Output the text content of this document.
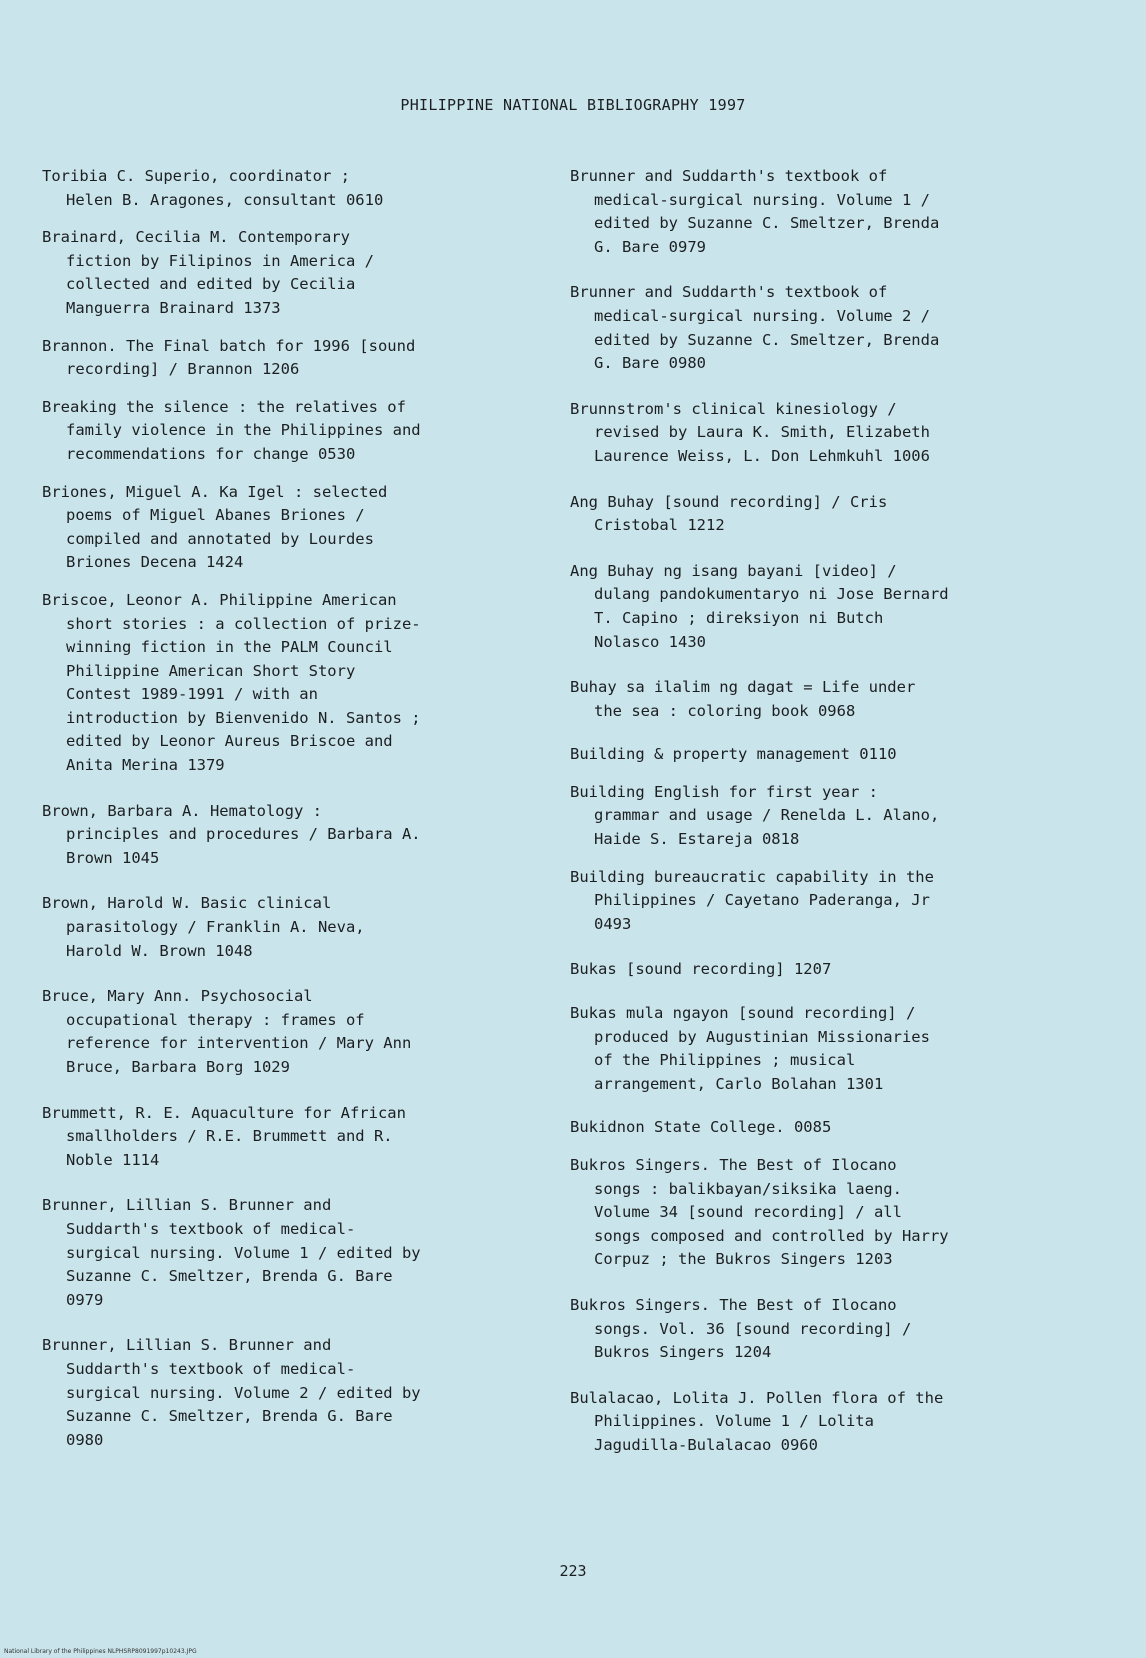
PHILIPPINE NATIONAL BIBLIOGRAPHY 1997

Toribia C. Superio, coordinator ;
Helen B. Aragones, consultant 0610

Brainard, Cecilia M. Contemporary
fiction by Filipinos in America /
collected and edited by Cecilia
Manguerra Brainard 1373

Brannon. The Final batch for 1996 [sound
recording] / Brannon 1206

Breaking the silence : the relatives of
family violence in the Philippines and
recommendations for change 0530

Briones, Miguel A. Ka Igel : selected
poems of Miguel Abanes Briones /
compiled and annotated by Lourdes
Briones Decena 1424

Briscoe, Leonor A. Philippine American
short stories : a collection of prize-
winning fiction in the PALM Council
Philippine American Short Story
Contest 1989-1991 / with an
introduction by Bienvenido N. Santos ;
edited by Leonor Aureus Briscoe and
Anita Merina 1379

Brown, Barbara A. Hematology :
principles and procedures / Barbara A.
Brown 1045

Brown, Harold W. Basic clinical
parasitology / Franklin A. Neva,
Harold W. Brown 1048

Bruce, Mary Ann. Psychosocial
occupational therapy : frames of
reference for intervention / Mary Ann
Bruce, Barbara Borg 1029

Brummett, R. E. Aquaculture for African
smallholders / R.E. Brummett and R.
Noble 1114

Brunner, Lillian S. Brunner and
Suddarth's textbook of medical-
surgical nursing. Volume 1 / edited by
Suzanne C. Smeltzer, Brenda G. Bare
0979

Brunner, Lillian S. Brunner and
Suddarth's textbook of medical-
surgical nursing. Volume 2 / edited by
Suzanne C. Smeltzer, Brenda G. Bare
0980

Brunner and Suddarth's textbook of
medical-surgical nursing. Volume 1 /
edited by Suzanne C. Smeltzer, Brenda
G. Bare 0979

Brunner and Suddarth's textbook of
medical-surgical nursing. Volume 2 /
edited by Suzanne C. Smeltzer, Brenda
G. Bare 0980

Brunnstrom's clinical kinesiology /
revised by Laura K. Smith, Elizabeth
Laurence Weiss, L. Don Lehmkuhl 1006

Ang Buhay [sound recording] / Cris
Cristobal 1212

Ang Buhay ng isang bayani [video] /
dulang pandokumentaryo ni Jose Bernard
T. Capino ; direksiyon ni Butch
Nolasco 1430

Buhay sa ilalim ng dagat = Life under
the sea : coloring book 0968

Building & property management 0110

Building English for first year :
grammar and usage / Renelda L. Alano,
Haide S. Estareja 0818

Building bureaucratic capability in the
Philippines / Cayetano Paderanga, Jr
0493

Bukas [sound recording] 1207

Bukas mula ngayon [sound recording] /
produced by Augustinian Missionaries
of the Philippines ; musical
arrangement, Carlo Bolahan 1301

Bukidnon State College. 0085

Bukros Singers. The Best of Ilocano
songs : balikbayan/siksika laeng.
Volume 34 [sound recording] / all
songs composed and controlled by Harry
Corpuz ; the Bukros Singers 1203

Bukros Singers. The Best of Ilocano
songs. Vol. 36 [sound recording] /
Bukros Singers 1204

Bulalacao, Lolita J. Pollen flora of the
Philippines. Volume 1 / Lolita
Jagudilla-Bulalacao 0960

223
National Library of the Philippines NLPHSRP8091997p10243.JPG
